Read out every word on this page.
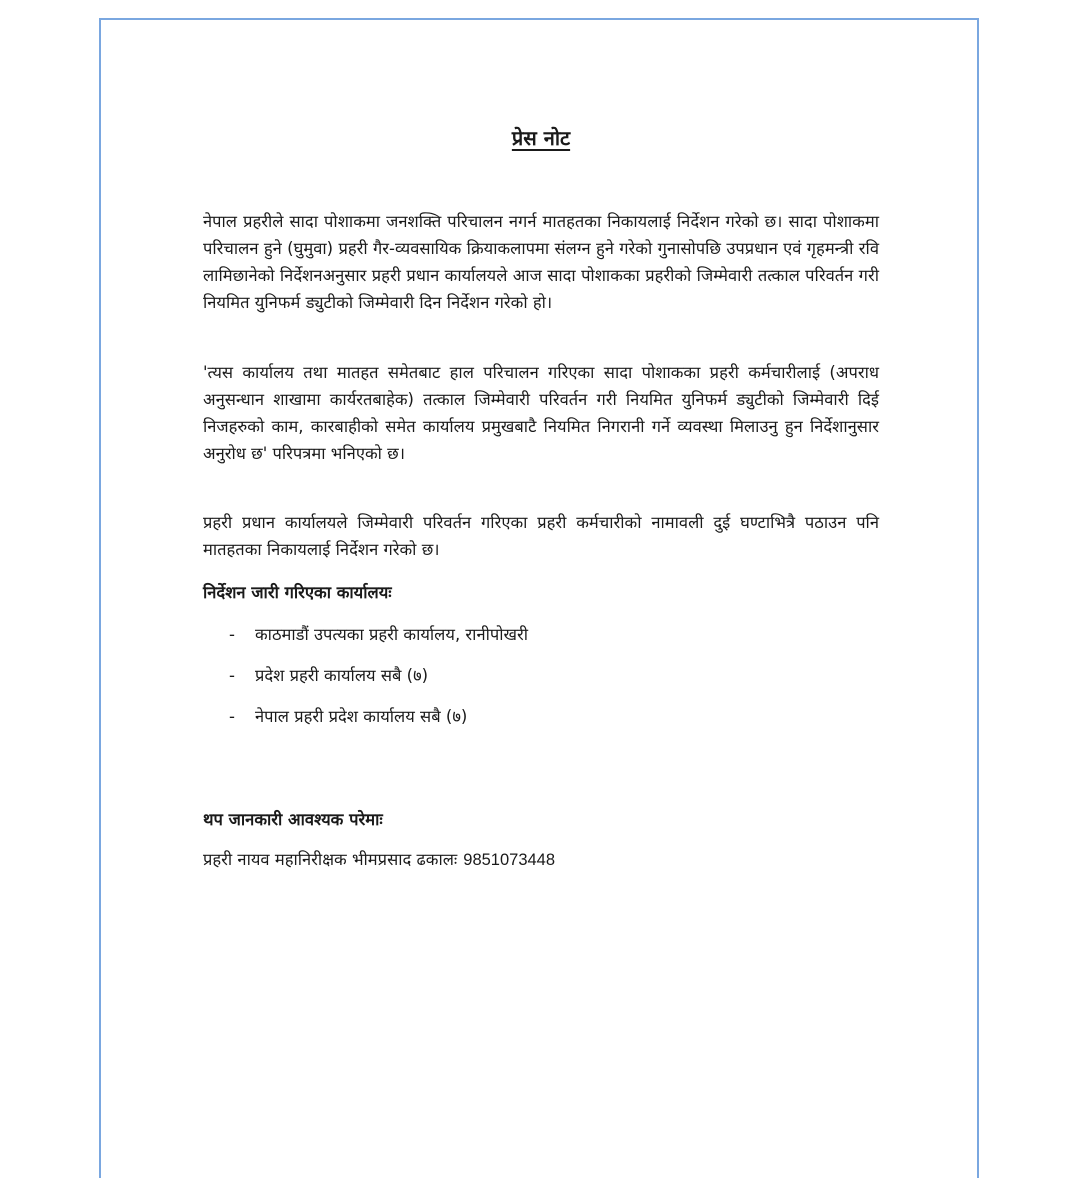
प्रेस नोट

नेपाल प्रहरीले सादा पोशाकमा जनशक्ति परिचालन नगर्न मातहतका निकायलाई निर्देशन गरेको छ। सादा पोशाकमा परिचालन हुने (घुमुवा) प्रहरी गैर-व्यवसायिक क्रियाकलापमा संलग्न हुने गरेको गुनासोपछि उपप्रधान एवं गृहमन्त्री रवि लामिछानेको निर्देशनअनुसार प्रहरी प्रधान कार्यालयले आज सादा पोशाकका प्रहरीको जिम्मेवारी तत्काल परिवर्तन गरी नियमित युनिफर्म ड्युटीको जिम्मेवारी दिन निर्देशन गरेको हो।

'त्यस कार्यालय तथा मातहत समेतबाट हाल परिचालन गरिएका सादा पोशाकका प्रहरी कर्मचारीलाई (अपराध अनुसन्धान शाखामा कार्यरतबाहेक) तत्काल जिम्मेवारी परिवर्तन गरी नियमित युनिफर्म ड्युटीको जिम्मेवारी दिई निजहरुको काम, कारबाहीको समेत कार्यालय प्रमुखबाटै नियमित निगरानी गर्ने व्यवस्था मिलाउनु हुन निर्देशानुसार अनुरोध छ' परिपत्रमा भनिएको छ।

प्रहरी प्रधान कार्यालयले जिम्मेवारी परिवर्तन गरिएका प्रहरी कर्मचारीको नामावली दुई घण्टाभित्रै पठाउन पनि मातहतका निकायलाई निर्देशन गरेको छ।

निर्देशन जारी गरिएका कार्यालयः

- काठमाडौं उपत्यका प्रहरी कार्यालय, रानीपोखरी
- प्रदेश प्रहरी कार्यालय सबै (७)
- नेपाल प्रहरी प्रदेश कार्यालय सबै (७)

थप जानकारी आवश्यक परेमाः

प्रहरी नायव महानिरीक्षक भीमप्रसाद ढकालः 9851073448
